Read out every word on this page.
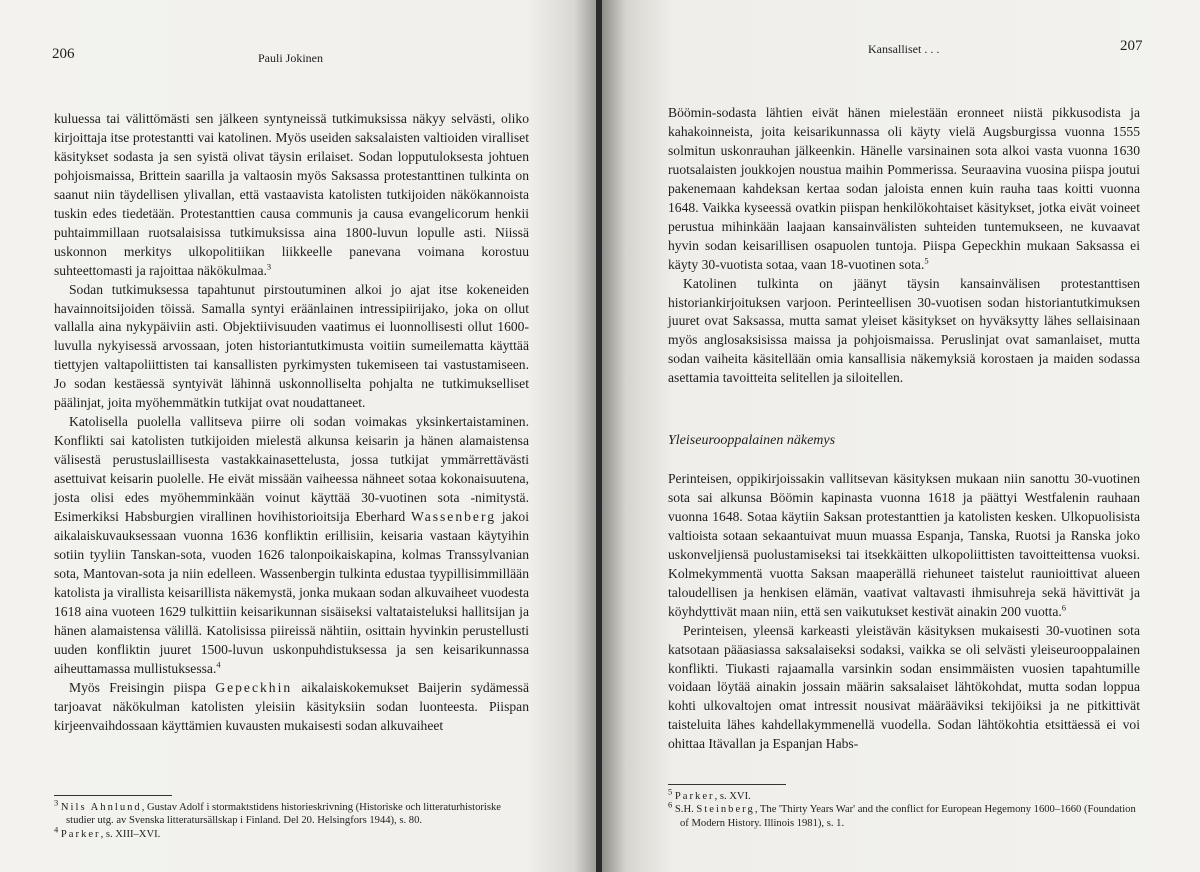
206	Pauli Jokinen

kuluessa tai välittömästi sen jälkeen syntyneissä tutkimuksissa näkyy selvästi, oliko kirjoittaja itse protestantti vai katolinen. Myös useiden saksalaisten valtioiden viralliset käsitykset sodasta ja sen syistä olivat täysin erilaiset. Sodan lopputuloksesta johtuen pohjoismaissa, Brittein saarilla ja valtaosin myös Saksassa protestanttinen tulkinta on saanut niin täydellisen ylivallan, että vastaavista katolisten tutkijoiden näkökannoista tuskin edes tiedetään. Protestanttien causa communis ja causa evangelicorum henkii puhtaimmillaan ruotsalaisissa tutkimuksissa aina 1800-luvun lopulle asti. Niissä uskonnon merkitys ulkopolitiikan liikkeelle panevana voimana korostuu suhteettomasti ja rajoittaa näkökulmaa.$^3$

Sodan tutkimuksessa tapahtunut pirstoutuminen alkoi jo ajat itse kokeneiden havainnoitsijoiden töissä. Samalla syntyi eräänlainen intressipiirijako, joka on ollut vallalla aina nykypäiviin asti. Objektiivisuuden vaatimus ei luonnollisesti ollut 1600-luvulla nykyisessä arvossaan, joten historiantutkimusta voitiin sumeilematta käyttää tiettyjen valtapoliittisten tai kansallisten pyrkimysten tukemiseen tai vastustamiseen. Jo sodan kestäessä syntyivät lähinnä uskonnolliselta pohjalta ne tutkimukselliset päälinjat, joita myöhemmätkin tutkijat ovat noudattaneet.

Katolisella puolella vallitseva piirre oli sodan voimakas yksinkertaistaminen. Konflikti sai katolisten tutkijoiden mielestä alkunsa keisarin ja hänen alamaistensa välisestä perustuslaillisesta vastakkainasettelusta, jossa tutkijat ymmärrettävästi asettuivat keisarin puolelle. He eivät missään vaiheessa nähneet sotaa kokonaisuutena, josta olisi edes myöhemminkään voinut käyttää 30-vuotinen sota -nimitystä. Esimerkiksi Habsburgien virallinen hovihistorioitsija Eberhard Wassenberg jakoi aikalaiskuvauksessaan vuonna 1636 konfliktin erillisiin, keisaria vastaan käytyihin sotiin tyyliin Tanskan-sota, vuoden 1626 talonpoikaiskapina, kolmas Transsylvanian sota, Mantovan-sota ja niin edelleen. Wassenbergin tulkinta edustaa tyypillisimmillään katolista ja virallista keisarillista näkemystä, jonka mukaan sodan alkuvaiheet vuodesta 1618 aina vuoteen 1629 tulkittiin keisarikunnan sisäiseksi valtataisteluksi hallitsijan ja hänen alamaistensa välillä. Katolisissa piireissä nähtiin, osittain hyvinkin perustellusti uuden konfliktin juuret 1500-luvun uskonpuhdistuksessa ja sen keisarikunnassa aiheuttamassa mullistuksessa.$^4$

Myös Freisingin piispa Gepeckhin aikalaiskokemukset Baijerin sydämessä tarjoavat näkökulman katolisten yleisiin käsityksiin sodan luonteesta. Piispan kirjeenvaihdossaan käyttämien kuvausten mukaisesti sodan alkuvaiheet

$^3$ Nils Ahnlund, Gustav Adolf i stormaktstidens historieskrivning (Historiske och litteraturhistoriske studier utg. av Svenska litteratursällskap i Finland. Del 20. Helsingfors 1944), s. 80.

$^4$ Parker, s. XIII–XVI.

Kansalliset . . .	207

Böömin-sodasta lähtien eivät hänen mielestään eronneet niistä pikkusodista ja kahakoinneista, joita keisarikunnassa oli käyty vielä Augsburgissa vuonna 1555 solmitun uskonrauhan jälkeenkin. Hänelle varsinainen sota alkoi vasta vuonna 1630 ruotsalaisten joukkojen noustua maihin Pommerissa. Seuraavina vuosina piispa joutui pakenemaan kahdeksan kertaa sodan jaloista ennen kuin rauha taas koitti vuonna 1648. Vaikka kyseessä ovatkin piispan henkilökohtaiset käsitykset, jotka eivät voineet perustua mihinkään laajaan kansainvälisten suhteiden tuntemukseen, ne kuvaavat hyvin sodan keisarillisen osapuolen tuntoja. Piispa Gepeckhin mukaan Saksassa ei käyty 30-vuotista sotaa, vaan 18-vuotinen sota.$^5$

Katolinen tulkinta on jäänyt täysin kansainvälisen protestanttisen historiankirjoituksen varjoon. Perinteellisen 30-vuotisen sodan historiantutkimuksen juuret ovat Saksassa, mutta samat yleiset käsitykset on hyväksytty lähes sellaisinaan myös anglosaksisissa maissa ja pohjoismaissa. Peruslinjat ovat samanlaiset, mutta sodan vaiheita käsitellään omia kansallisia näkemyksiä korostaen ja maiden sodassa asettamia tavoitteita selitellen ja siloitellen.

Yleiseurooppalainen näkemys

Perinteisen, oppikirjoissakin vallitsevan käsityksen mukaan niin sanottu 30-vuotinen sota sai alkunsa Böömin kapinasta vuonna 1618 ja päättyi Westfalenin rauhaan vuonna 1648. Sotaa käytiin Saksan protestanttien ja katolisten kesken. Ulkopuolisista valtioista sotaan sekaantuivat muun muassa Espanja, Tanska, Ruotsi ja Ranska joko uskonveljiensä puolustamiseksi tai itsekkäitten ulkopoliittisten tavoitteittensa vuoksi. Kolmekymmentä vuotta Saksan maaperällä riehuneet taistelut raunioittivat alueen taloudellisen ja henkisen elämän, vaativat valtavasti ihmisuhreja sekä hävittivät ja köyhdyttivät maan niin, että sen vaikutukset kestivät ainakin 200 vuotta.$^6$

Perinteisen, yleensä karkeasti yleistävän käsityksen mukaisesti 30-vuotinen sota katsotaan pääasiassa saksalaiseksi sodaksi, vaikka se oli selvästi yleiseurooppalainen konflikti. Tiukasti rajaamalla varsinkin sodan ensimmäisten vuosien tapahtumille voidaan löytää ainakin jossain määrin saksalaiset lähtökohdat, mutta sodan loppua kohti ulkovaltojen omat intressit nousivat määrääviksi tekijöiksi ja ne pitkittivät taisteluita lähes kahdellakymmenellä vuodella. Sodan lähtökohtia etsittäessä ei voi ohittaa Itävallan ja Espanjan Habs-

$^5$ Parker, s. XVI.

$^6$ S.H. Steinberg, The 'Thirty Years War' and the conflict for European Hegemony 1600–1660 (Foundation of Modern History. Illinois 1981), s. 1.
